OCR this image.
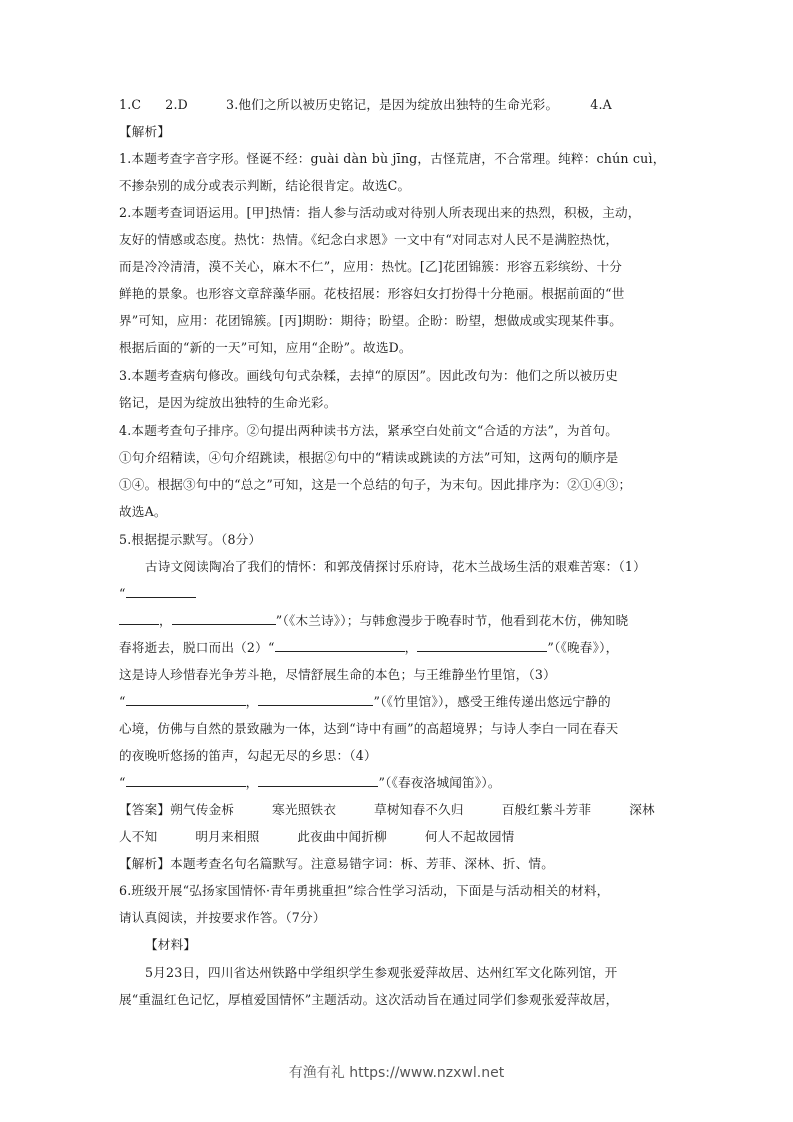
1.C 2.D	3.他们之所以被历史铭记，是因为绽放出独特的生命光彩。	4.A
【解析】
1.本题考查字音字形。怪诞不经：guài dàn bù jīng，古怪荒唐，不合常理。纯粹：chún cuì，
不掺杂别的成分或表示判断，结论很肯定。故选C。
2.本题考查词语运用。[甲]热情：指人参与活动或对待别人所表现出来的热烈，积极，主动，
友好的情感或态度。热忱：热情。《纪念白求恩》一文中有“对同志对人民不是满腔热忱，
而是冷冷清清，漠不关心，麻木不仁”，应用：热忱。[乙]花团锦簇：形容五彩缤纷、十分
鲜艳的景象。也形容文章辞藻华丽。花枝招展：形容妇女打扮得十分艳丽。根据前面的“世
界”可知，应用：花团锦簇。[丙]期盼：期待；盼望。企盼：盼望，想做成或实现某件事。
根据后面的“新的一天”可知，应用“企盼”。故选D。
3.本题考查病句修改。画线句句式杂糅，去掉“的原因”。因此改句为：他们之所以被历史
铭记，是因为绽放出独特的生命光彩。
4.本题考查句子排序。②句提出两种读书方法，紧承空白处前文“合适的方法”，为首句。
①句介绍精读，④句介绍跳读，根据②句中的“精读或跳读的方法”可知，这两句的顺序是
①④。根据③句中的“总之”可知，这是一个总结的句子，为末句。因此排序为：②①④③；
故选A。
5.根据提示默写。（8分）
古诗文阅读陶冶了我们的情怀：和郭茂倩探讨乐府诗，花木兰战场生活的艰难苦寒：（1）
“
，	”（《木兰诗》）；与韩愈漫步于晚春时节，他看到花木仿，佛知晓
春将逝去，脱口而出（2）“	，	”（《晚春》），
这是诗人珍惜春光争芳斗艳，尽情舒展生命的本色；与王维静坐竹里馆，（3）
“	，	”（《竹里馆》），感受王维传递出悠远宁静的
心境，仿佛与自然的景致融为一体，达到“诗中有画”的高超境界；与诗人李白一同在春天
的夜晚听悠扬的笛声，勾起无尽的乡思：（4）
“	，	”（《春夜洛城闻笛》）。
【答案】朔气传金柝	寒光照铁衣	草树知春不久归	百般红紫斗芳菲	深林
人不知	明月来相照	此夜曲中闻折柳	何人不起故园情
【解析】本题考查名句名篇默写。注意易错字词：柝、芳菲、深林、折、情。
6.班级开展“弘扬家国情怀·青年勇挑重担”综合性学习活动，下面是与活动相关的材料，
请认真阅读，并按要求作答。（7分）
【材料】
5月23日，四川省达州铁路中学组织学生参观张爱萍故居、达州红军文化陈列馆，开
展“重温红色记忆，厚植爱国情怀”主题活动。这次活动旨在通过同学们参观张爱萍故居，
有渔有礼 https://www.nzxwl.net
